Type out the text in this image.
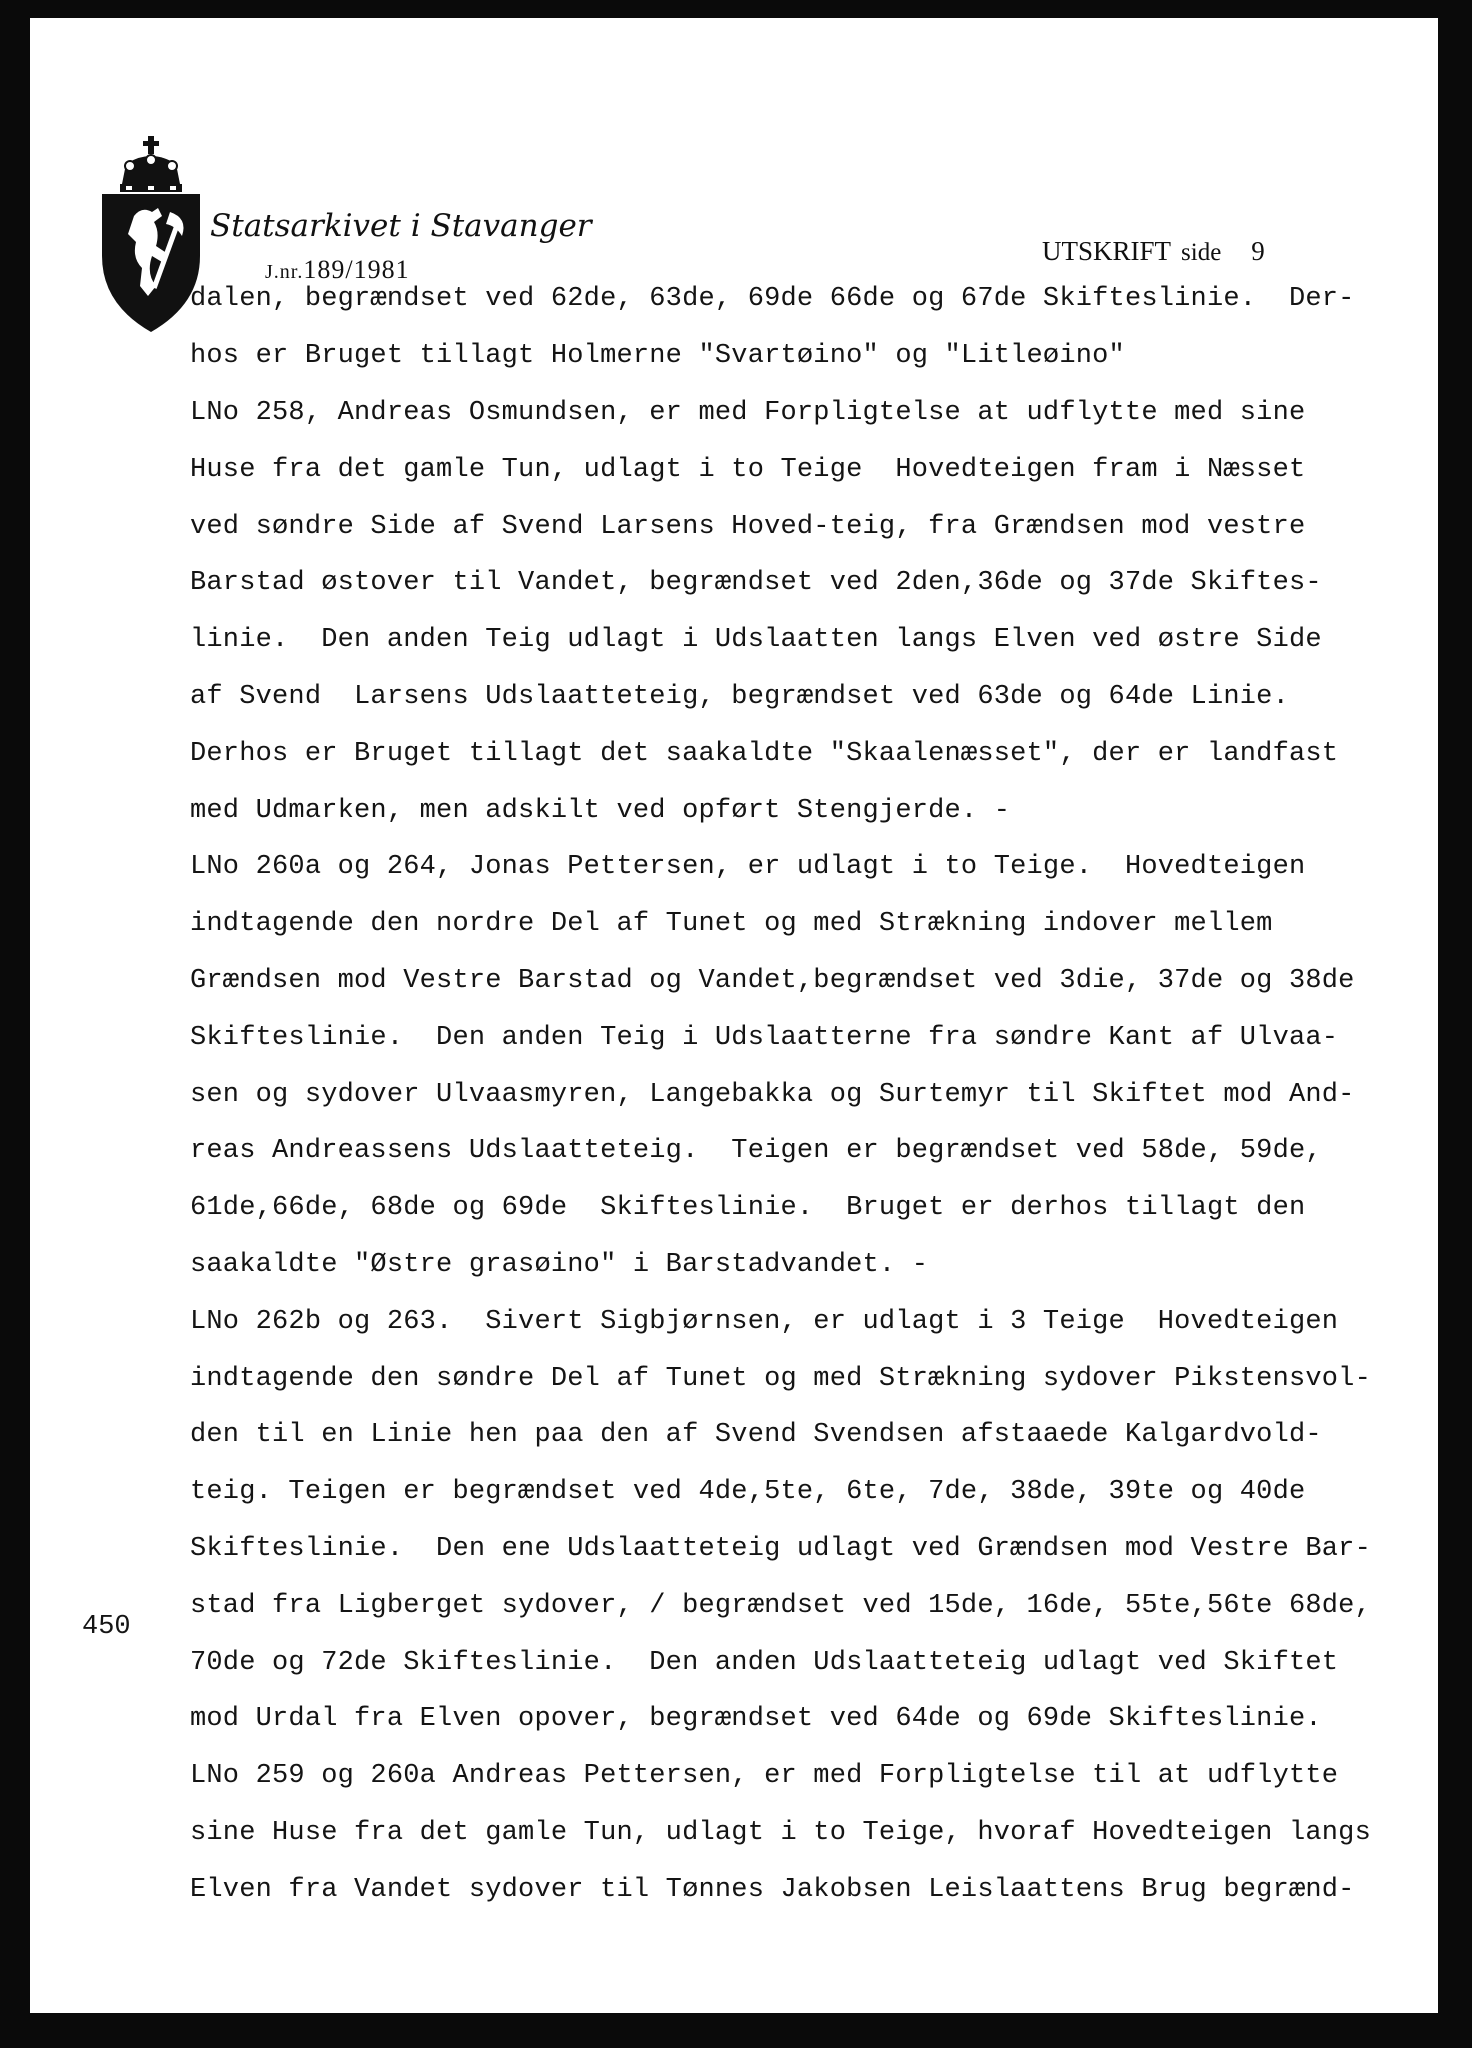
Statsarkivet i Stavanger
J.nr.189/1981
UTSKRIFT side 9
450
dalen, begrændset ved 62de, 63de, 69de 66de og 67de Skifteslinie.  Der-
hos er Bruget tillagt Holmerne "Svartøino" og "Litleøino"
LNo 258, Andreas Osmundsen, er med Forpligtelse at udflytte med sine
Huse fra det gamle Tun, udlagt i to Teige  Hovedteigen fram i Næsset
ved søndre Side af Svend Larsens Hoved-teig, fra Grændsen mod vestre
Barstad østover til Vandet, begrændset ved 2den,36de og 37de Skiftes-
linie.  Den anden Teig udlagt i Udslaatten langs Elven ved østre Side
af Svend  Larsens Udslaatteteig, begrændset ved 63de og 64de Linie.
Derhos er Bruget tillagt det saakaldte "Skaalenæsset", der er landfast
med Udmarken, men adskilt ved opført Stengjerde. -
LNo 260a og 264, Jonas Pettersen, er udlagt i to Teige.  Hovedteigen
indtagende den nordre Del af Tunet og med Strækning indover mellem
Grændsen mod Vestre Barstad og Vandet,begrændset ved 3die, 37de og 38de
Skifteslinie.  Den anden Teig i Udslaatterne fra søndre Kant af Ulvaa-
sen og sydover Ulvaasmyren, Langebakka og Surtemyr til Skiftet mod And-
reas Andreassens Udslaatteteig.  Teigen er begrændset ved 58de, 59de,
61de,66de, 68de og 69de  Skifteslinie.  Bruget er derhos tillagt den
saakaldte "Østre grasøino" i Barstadvandet. -
LNo 262b og 263.  Sivert Sigbjørnsen, er udlagt i 3 Teige  Hovedteigen
indtagende den søndre Del af Tunet og med Strækning sydover Pikstensvol-
den til en Linie hen paa den af Svend Svendsen afstaaede Kalgardvold-
teig. Teigen er begrændset ved 4de,5te, 6te, 7de, 38de, 39te og 40de
Skifteslinie.  Den ene Udslaatteteig udlagt ved Grændsen mod Vestre Bar-
stad fra Ligberget sydover, / begrændset ved 15de, 16de, 55te,56te 68de,
70de og 72de Skifteslinie.  Den anden Udslaatteteig udlagt ved Skiftet
mod Urdal fra Elven opover, begrændset ved 64de og 69de Skifteslinie.
LNo 259 og 260a Andreas Pettersen, er med Forpligtelse til at udflytte
sine Huse fra det gamle Tun, udlagt i to Teige, hvoraf Hovedteigen langs
Elven fra Vandet sydover til Tønnes Jakobsen Leislaattens Brug begrænd-
